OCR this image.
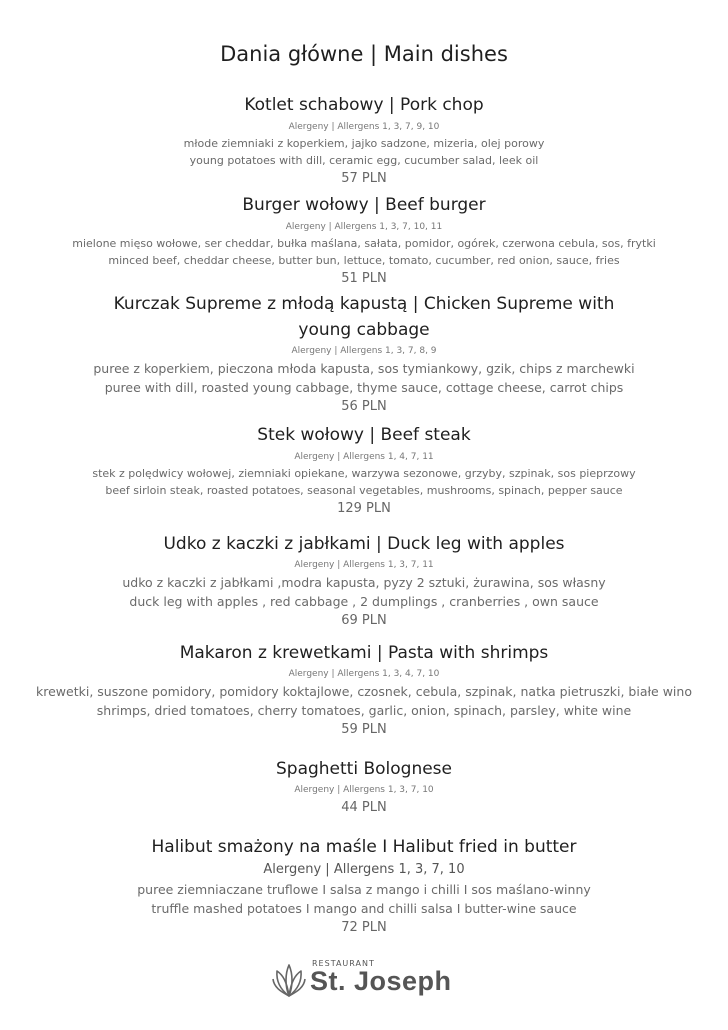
Dania główne | Main dishes

Kotlet schabowy | Pork chop

Alergeny | Allergens 1, 3, 7, 9, 10

młode ziemniaki z koperkiem, jajko sadzone, mizeria, olej porowy

young potatoes with dill, ceramic egg, cucumber salad, leek oil

57 PLN

Burger wołowy | Beef burger

Alergeny | Allergens 1, 3, 7, 10, 11

mielone mięso wołowe, ser cheddar, bułka maślana, sałata, pomidor, ogórek, czerwona cebula, sos, frytki

minced beef, cheddar cheese, butter bun, lettuce, tomato, cucumber, red onion, sauce, fries

51 PLN

Kurczak Supreme z młodą kapustą | Chicken Supreme with

young cabbage

Alergeny | Allergens 1, 3, 7, 8, 9

puree z koperkiem, pieczona młoda kapusta, sos tymiankowy, gzik, chips z marchewki

puree with dill, roasted young cabbage, thyme sauce, cottage cheese, carrot chips

56 PLN

Stek wołowy | Beef steak

Alergeny | Allergens 1, 4, 7, 11

stek z polędwicy wołowej, ziemniaki opiekane, warzywa sezonowe, grzyby, szpinak, sos pieprzowy

beef sirloin steak, roasted potatoes, seasonal vegetables, mushrooms, spinach, pepper sauce

129 PLN

Udko z kaczki z jabłkami | Duck leg with apples

Alergeny | Allergens 1, 3, 7, 11

udko z kaczki z jabłkami ,modra kapusta, pyzy 2 sztuki, żurawina, sos własny

duck leg with apples , red cabbage , 2 dumplings , cranberries , own sauce

69 PLN

Makaron z krewetkami | Pasta with shrimps

Alergeny | Allergens 1, 3, 4, 7, 10

krewetki, suszone pomidory, pomidory koktajlowe, czosnek, cebula, szpinak, natka pietruszki, białe wino

shrimps, dried tomatoes, cherry tomatoes, garlic, onion, spinach, parsley, white wine

59 PLN

Spaghetti Bolognese

Alergeny | Allergens 1, 3, 7, 10

44 PLN

Halibut smażony na maśle I Halibut fried in butter

Alergeny | Allergens 1, 3, 7, 10

puree ziemniaczane truflowe I salsa z mango i chilli I sos maślano-winny

truffle mashed potatoes I mango and chilli salsa I butter-wine sauce

72 PLN

RESTAURANT
St. Joseph
